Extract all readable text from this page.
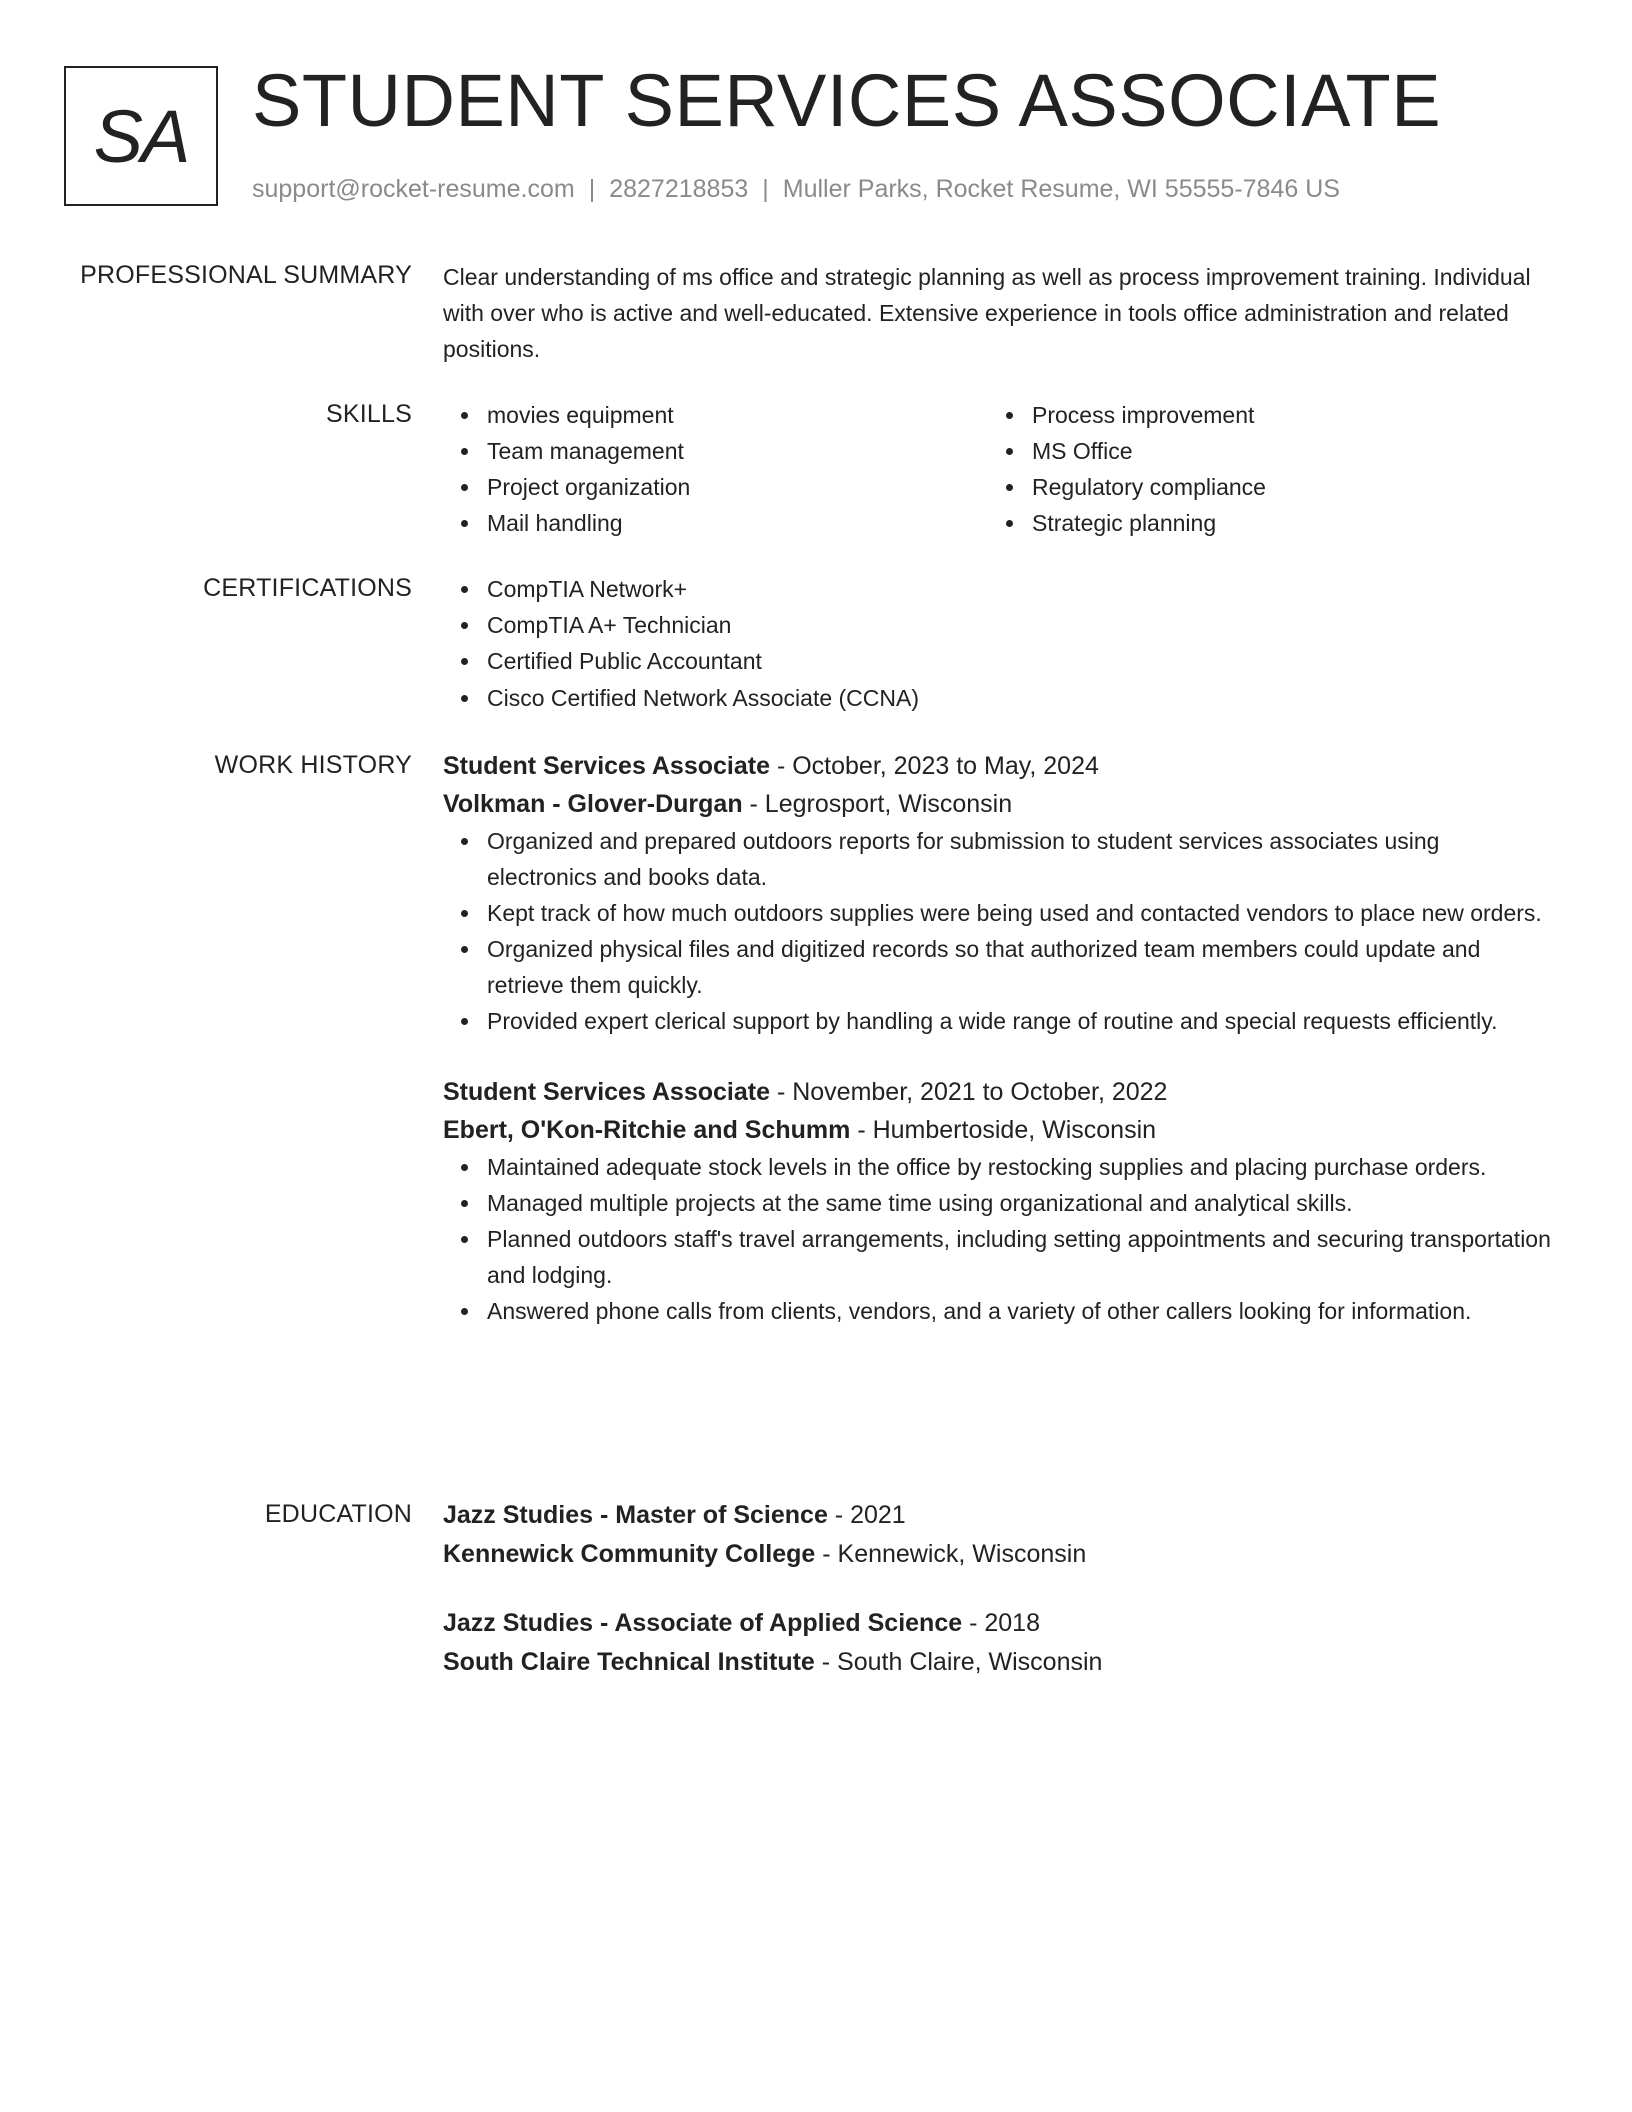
SA STUDENT SERVICES ASSOCIATE
support@rocket-resume.com | 2827218853 | Muller Parks, Rocket Resume, WI 55555-7846 US
PROFESSIONAL SUMMARY Clear understanding of ms office and strategic planning as well as process improvement training. Individual with over who is active and well-educated. Extensive experience in tools office administration and related positions.

SKILLS	movies equipment
Team management
Project organization
Mail handling
Process improvement
MS Office
Regulatory compliance
Strategic planning
CERTIFICATIONS	CompTIA Network+
CompTIA A+ Technician
Certified Public Accountant
Cisco Certified Network Associate (CCNA)
WORK HISTORY Student Services Associate - October, 2023 to May, 2024
Volkman - Glover-Durgan - Legrosport, Wisconsin
Organized and prepared outdoors reports for submission to student services associates using electronics and books data.
Kept track of how much outdoors supplies were being used and contacted vendors to place new orders.
Organized physical files and digitized records so that authorized team members could update and retrieve them quickly.
Provided expert clerical support by handling a wide range of routine and special requests efficiently.
Student Services Associate - November, 2021 to October, 2022
Ebert, O'Kon-Ritchie and Schumm - Humbertoside, Wisconsin
Maintained adequate stock levels in the office by restocking supplies and placing purchase orders.
Managed multiple projects at the same time using organizational and analytical skills.
Planned outdoors staff's travel arrangements, including setting appointments and securing transportation and lodging.
Answered phone calls from clients, vendors, and a variety of other callers looking for information.
EDUCATION Jazz Studies - Master of Science - 2021
Kennewick Community College - Kennewick, Wisconsin
Jazz Studies - Associate of Applied Science - 2018
South Claire Technical Institute - South Claire, Wisconsin
